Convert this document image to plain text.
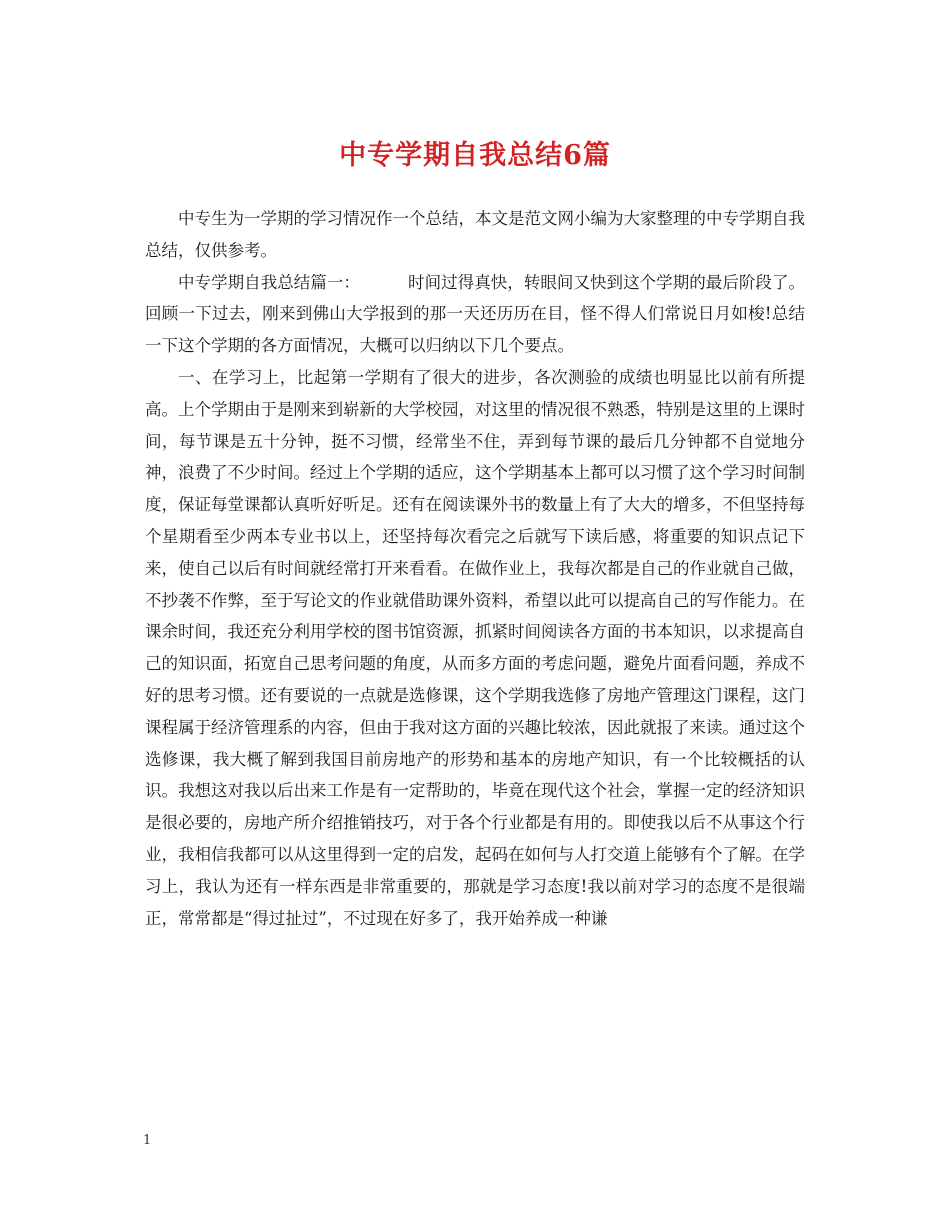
中专学期自我总结6篇

中专生为一学期的学习情况作一个总结，本文是范文网小编为大家整理的中专学期自我总结，仅供参考。

中专学期自我总结篇一：	时间过得真快，转眼间又快到这个学期的最后阶段了。回顾一下过去，刚来到佛山大学报到的那一天还历历在目，怪不得人们常说日月如梭!总结一下这个学期的各方面情况，大概可以归纳以下几个要点。

一、在学习上，比起第一学期有了很大的进步，各次测验的成绩也明显比以前有所提高。上个学期由于是刚来到崭新的大学校园，对这里的情况很不熟悉，特别是这里的上课时间，每节课是五十分钟，挺不习惯，经常坐不住，弄到每节课的最后几分钟都不自觉地分神，浪费了不少时间。经过上个学期的适应，这个学期基本上都可以习惯了这个学习时间制度，保证每堂课都认真听好听足。还有在阅读课外书的数量上有了大大的增多，不但坚持每个星期看至少两本专业书以上，还坚持每次看完之后就写下读后感，将重要的知识点记下来，使自己以后有时间就经常打开来看看。在做作业上，我每次都是自己的作业就自己做，不抄袭不作弊，至于写论文的作业就借助课外资料，希望以此可以提高自己的写作能力。在课余时间，我还充分利用学校的图书馆资源，抓紧时间阅读各方面的书本知识，以求提高自己的知识面，拓宽自己思考问题的角度，从而多方面的考虑问题，避免片面看问题，养成不好的思考习惯。还有要说的一点就是选修课，这个学期我选修了房地产管理这门课程，这门课程属于经济管理系的内容，但由于我对这方面的兴趣比较浓，因此就报了来读。通过这个选修课，我大概了解到我国目前房地产的形势和基本的房地产知识，有一个比较概括的认识。我想这对我以后出来工作是有一定帮助的，毕竟在现代这个社会，掌握一定的经济知识是很必要的，房地产所介绍推销技巧，对于各个行业都是有用的。即使我以后不从事这个行业，我相信我都可以从这里得到一定的启发，起码在如何与人打交道上能够有个了解。在学习上，我认为还有一样东西是非常重要的，那就是学习态度!我以前对学习的态度不是很端正，常常都是“得过扯过”，不过现在好多了，我开始养成一种谦

1
